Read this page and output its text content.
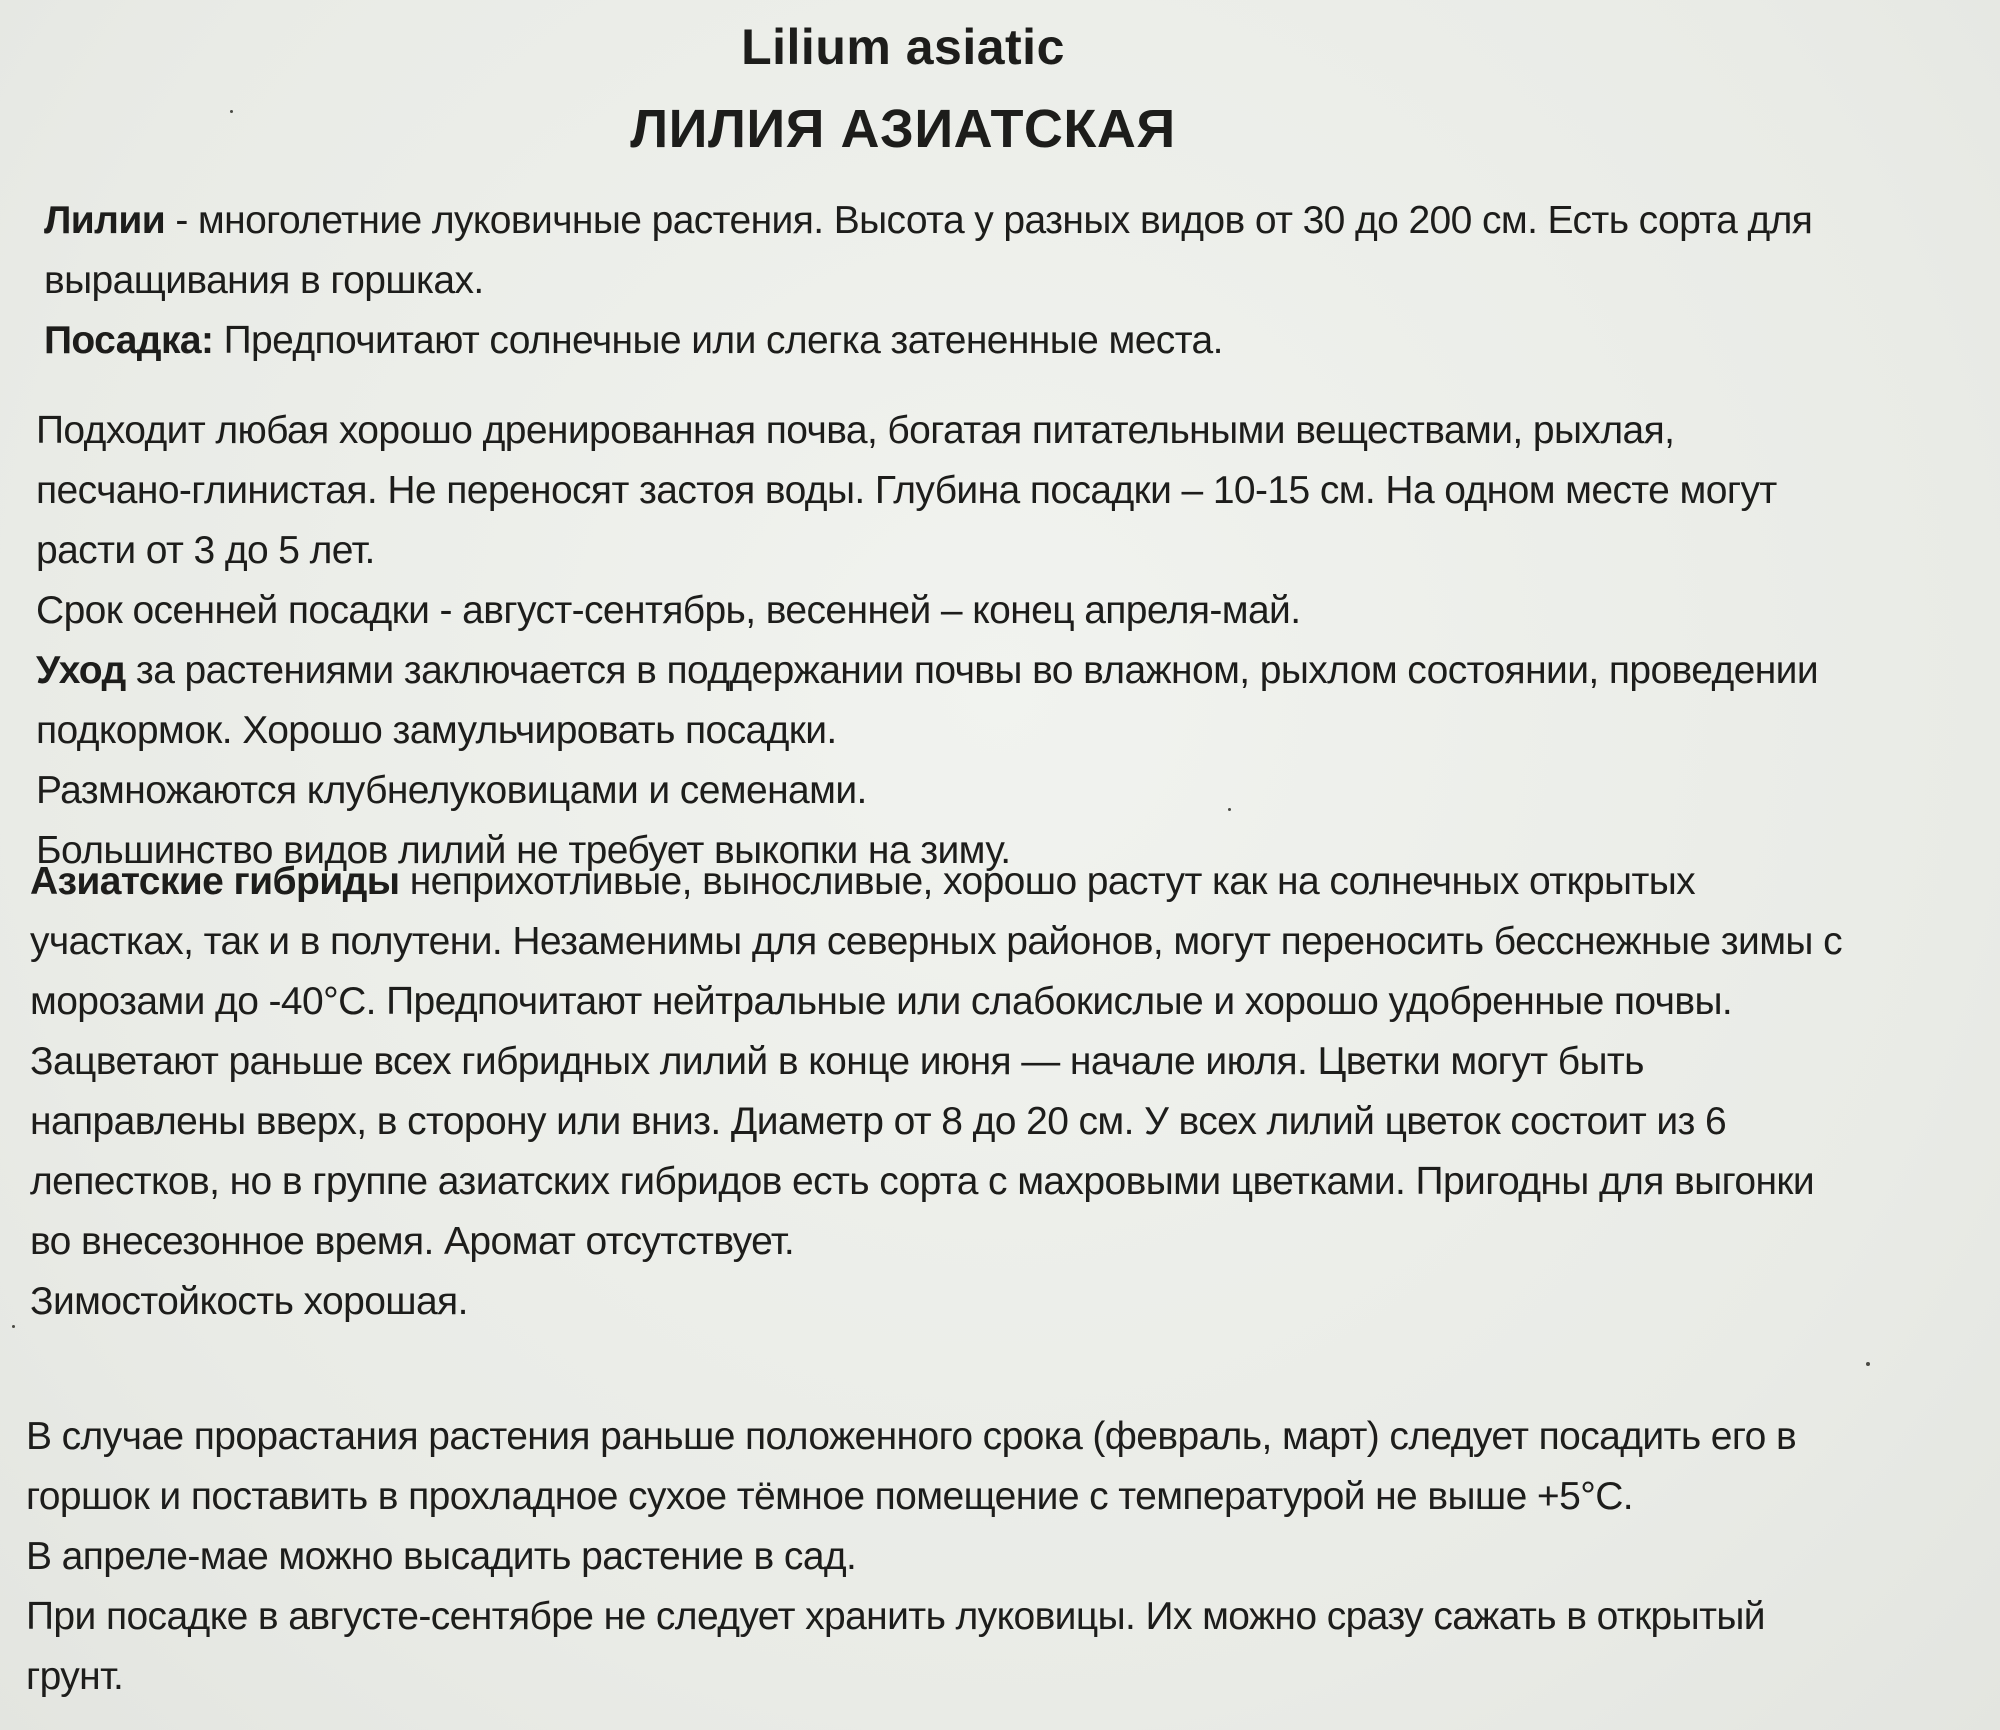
Lilium asiatic
ЛИЛИЯ АЗИАТСКАЯ

Лилии - многолетние луковичные растения. Высота у разных видов от 30 до 200 см. Есть сорта для

выращивания в горшках.

Посадка: Предпочитают солнечные или слегка затененные места.

Подходит любая хорошо дренированная почва, богатая питательными веществами, рыхлая,

песчано-глинистая. Не переносят застоя воды. Глубина посадки – 10-15 см. На одном месте могут

расти от 3 до 5 лет.

Срок осенней посадки - август-сентябрь, весенней – конец апреля-май.

Уход за растениями заключается в поддержании почвы во влажном, рыхлом состоянии, проведении

подкормок. Хорошо замульчировать посадки.

Размножаются клубнелуковицами и семенами.

Большинство видов лилий не требует выкопки на зиму.

Азиатские гибриды неприхотливые, выносливые, хорошо растут как на солнечных открытых

участках, так и в полутени. Незаменимы для северных районов, могут переносить бесснежные зимы с

морозами до -40°С. Предпочитают нейтральные или слабокислые и хорошо удобренные почвы.

Зацветают раньше всех гибридных лилий в конце июня — начале июля. Цветки могут быть

направлены вверх, в сторону или вниз. Диаметр от 8 до 20 см. У всех лилий цветок состоит из 6

лепестков, но в группе азиатских гибридов есть сорта с махровыми цветками. Пригодны для выгонки

во внесезонное время. Аромат отсутствует.

Зимостойкость хорошая.

В случае прорастания растения раньше положенного срока (февраль, март) следует посадить его в

горшок и поставить в прохладное сухое тёмное помещение с температурой не выше +5°С.

В апреле-мае можно высадить растение в сад.

При посадке в августе-сентябре не следует хранить луковицы. Их можно сразу сажать в открытый

грунт.
